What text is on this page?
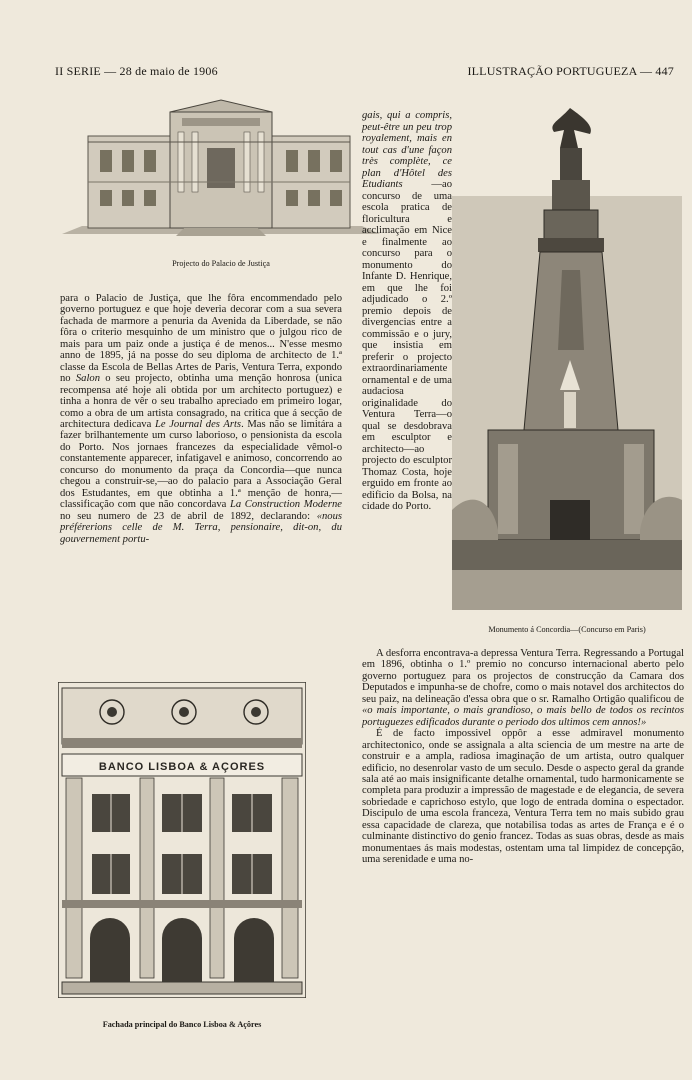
II SERIE — 28 de maio de 1906	ILLUSTRAÇÃO PORTUGUEZA — 447
Projecto do Palacio de Justiça
Monumento á Concordia—(Concurso em Paris)
BANCO LISBOA & AÇORES
Fachada principal do Banco Lisboa & Açôres

para o Palacio de Justiça, que lhe fôra encommendado pelo governo portuguez e que hoje deveria decorar com a sua severa fachada de marmore a penuria da Avenida da Liberdade, se não fôra o criterio mesquinho de um ministro que o julgou rico de mais para um paiz onde a justiça é de menos... N'esse mesmo anno de 1895, já na posse do seu diploma de architecto de 1.ª classe da Escola de Bellas Artes de Paris, Ventura Terra, expondo no Salon o seu projecto, obtinha uma menção honrosa (unica recompensa até hoje ali obtida por um architecto portuguez) e tinha a honra de vêr o seu trabalho apreciado em primeiro logar, como a obra de um artista consagrado, na critica que á secção de architectura dedicava Le Journal des Arts. Mas não se limitára a fazer brilhantemente um curso laborioso, o pensionista da escola do Porto. Nos jornaes francezes da especialidade vêmol-o constantemente apparecer, infatigavel e animoso, concorrendo ao concurso do monumento da praça da Concordia—que nunca chegou a construir-se,—ao do palacio para a Associação Geral dos Estudantes, em que obtinha a 1.ª menção de honra,—classificação com que não concordava La Construction Moderne no seu numero de 23 de abril de 1892, declarando: «nous préférerions celle de M. Terra, pensionaire, dit-on, du gouvernement portu-

gais, qui a compris, peut-être un peu trop royalement, mais en tout cas d'une façon très complète, ce plan d'Hôtel des Etudiants —ao concurso de uma escola pratica de floricultura e acclimação em Nice e finalmente ao concurso para o monumento do Infante D. Henrique, em que lhe foi adjudicado o 2.º premio depois de divergencias entre a commissão e o jury, que insistia em preferir o projecto extraordinariamente ornamental e de uma audaciosa originalidade do Ventura Terra—o qual se desdobrava em esculptor e architecto—ao projecto do esculptor Thomaz Costa, hoje erguido em fronte ao edificio da Bolsa, na cidade do Porto.

A desforra encontrava-a depressa Ventura Terra. Regressando a Portugal em 1896, obtinha o 1.º premio no concurso internacional aberto pelo governo portuguez para os projectos de construcção da Camara dos Deputados e impunha-se de chofre, como o mais notavel dos architectos do seu paiz, na delineação d'essa obra que o sr. Ramalho Ortigão qualificou de «o mais importante, o mais grandioso, o mais bello de todos os recintos portuguezes edificados durante o periodo dos ultimos cem annos!»

É de facto impossivel oppôr a esse admiravel monumento architectonico, onde se assignala a alta sciencia de um mestre na arte de construir e a ampla, radiosa imaginação de um artista, outro qualquer edificio, no desenrolar vasto de um seculo. Desde o aspecto geral da grande sala até ao mais insignificante detalhe ornamental, tudo harmonicamente se completa para produzir a impressão de magestade e de elegancia, de severa sobriedade e caprichoso estylo, que logo de entrada domina o espectador. Discipulo de uma escola franceza, Ventura Terra tem no mais subido grau essa capacidade de clareza, que notabilisa todas as artes de França e é o culminante distinctivo do genio francez. Todas as suas obras, desde as mais monumentaes ás mais modestas, ostentam uma tal limpidez de concepção, uma serenidade e uma no-
